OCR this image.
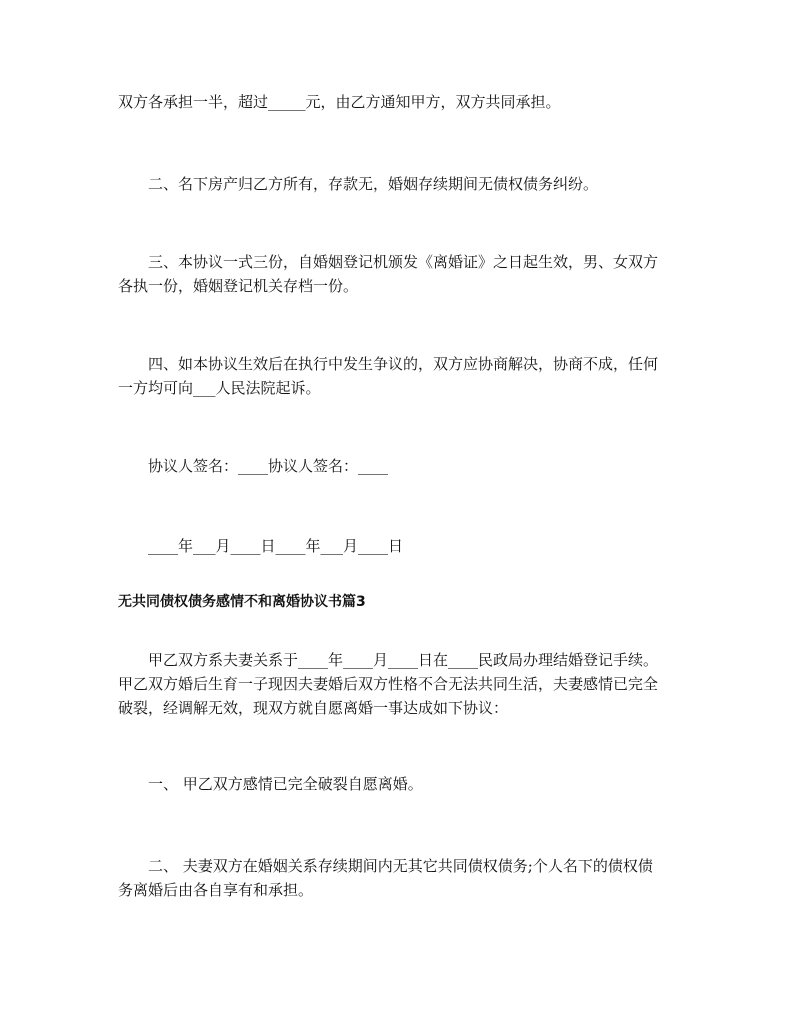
双方各承担一半，超过_____元，由乙方通知甲方，双方共同承担。
二、名下房产归乙方所有，存款无，婚姻存续期间无债权债务纠纷。
三、本协议一式三份，自婚姻登记机颁发《离婚证》之日起生效，男、女双方
各执一份，婚姻登记机关存档一份。
四、如本协议生效后在执行中发生争议的，双方应协商解决，协商不成，任何
一方均可向___人民法院起诉。
协议人签名：____协议人签名：____
____年___月____日____年___月____日
无共同债权债务感情不和离婚协议书篇3
甲乙双方系夫妻关系于____年____月____日在____民政局办理结婚登记手续。
甲乙双方婚后生育一子现因夫妻婚后双方性格不合无法共同生活，夫妻感情已完全
破裂，经调解无效，现双方就自愿离婚一事达成如下协议：
一、 甲乙双方感情已完全破裂自愿离婚。
二、 夫妻双方在婚姻关系存续期间内无其它共同债权债务;个人名下的债权债
务离婚后由各自享有和承担。
